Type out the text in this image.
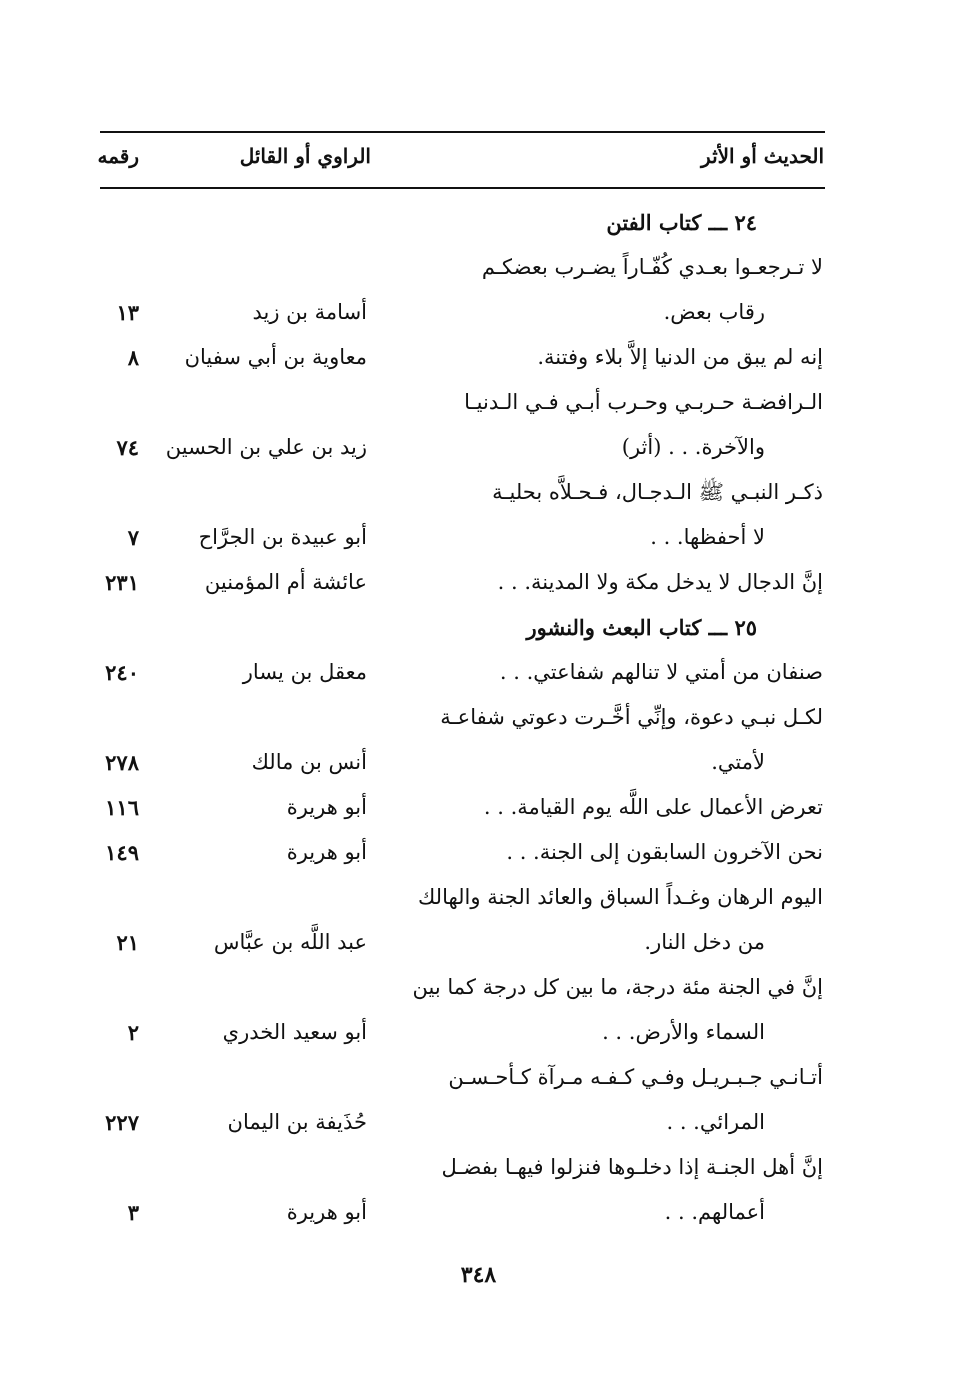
الحديث أو الأثر
الراوي أو القائل
رقمه
٢٤ ـــ كتاب الفتن
لا تـرجعـوا بعـدي كُفّـاراً يضـرب بعضكـم
رقاب بعض.
أسامة بن زيد
١٣
إنه لم يبق من الدنيا إلاَّ بلاء وفتنة.
معاوية بن أبي سفيان
٨
الـرافضـة حـربـي وحـرب أبـي فـي الـدنيـا
والآخرة. . . (أثر)
زيد بن علي بن الحسين
٧٤
ذكـر النبـي ﷺ الـدجـال، فـحـلاَّه بحليـة
لا أحفظها. . .
أبو عبيدة بن الجرَّاح
٧
إنَّ الدجال لا يدخل مكة ولا المدينة. . .
عائشة أم المؤمنين
٢٣١
٢٥ ـــ كتاب البعث والنشور
صنفان من أمتي لا تنالهم شفاعتي. . .
معقل بن يسار
٢٤٠
لكـل نبـي دعوة، وإنِّي أخَّـرت دعوتي شفاعـة
لأمتي.
أنس بن مالك
٢٧٨
تعرض الأعمال على اللَّه يوم القيامة. . .
أبو هريرة
١١٦
نحن الآخرون السابقون إلى الجنة. . .
أبو هريرة
١٤٩
اليوم الرهان وغـداً السباق والعائد الجنة والهالك
من دخل النار.
عبد اللَّه بن عبَّاس
٢١
إنَّ في الجنة مئة درجة، ما بين كل درجة كما بين
السماء والأرض. . .
أبو سعيد الخدري
٢
أتـانـي جـبـريـل وفـي كـفـه مـرآة كـأحـسـن
المرائي. . .
حُذَيفة بن اليمان
٢٢٧
إنَّ أهل الجنـة إذا دخلـوها فنزلوا فيهـا بفضـل
أعمالهم. . .
أبو هريرة
٣
٣٤٨
